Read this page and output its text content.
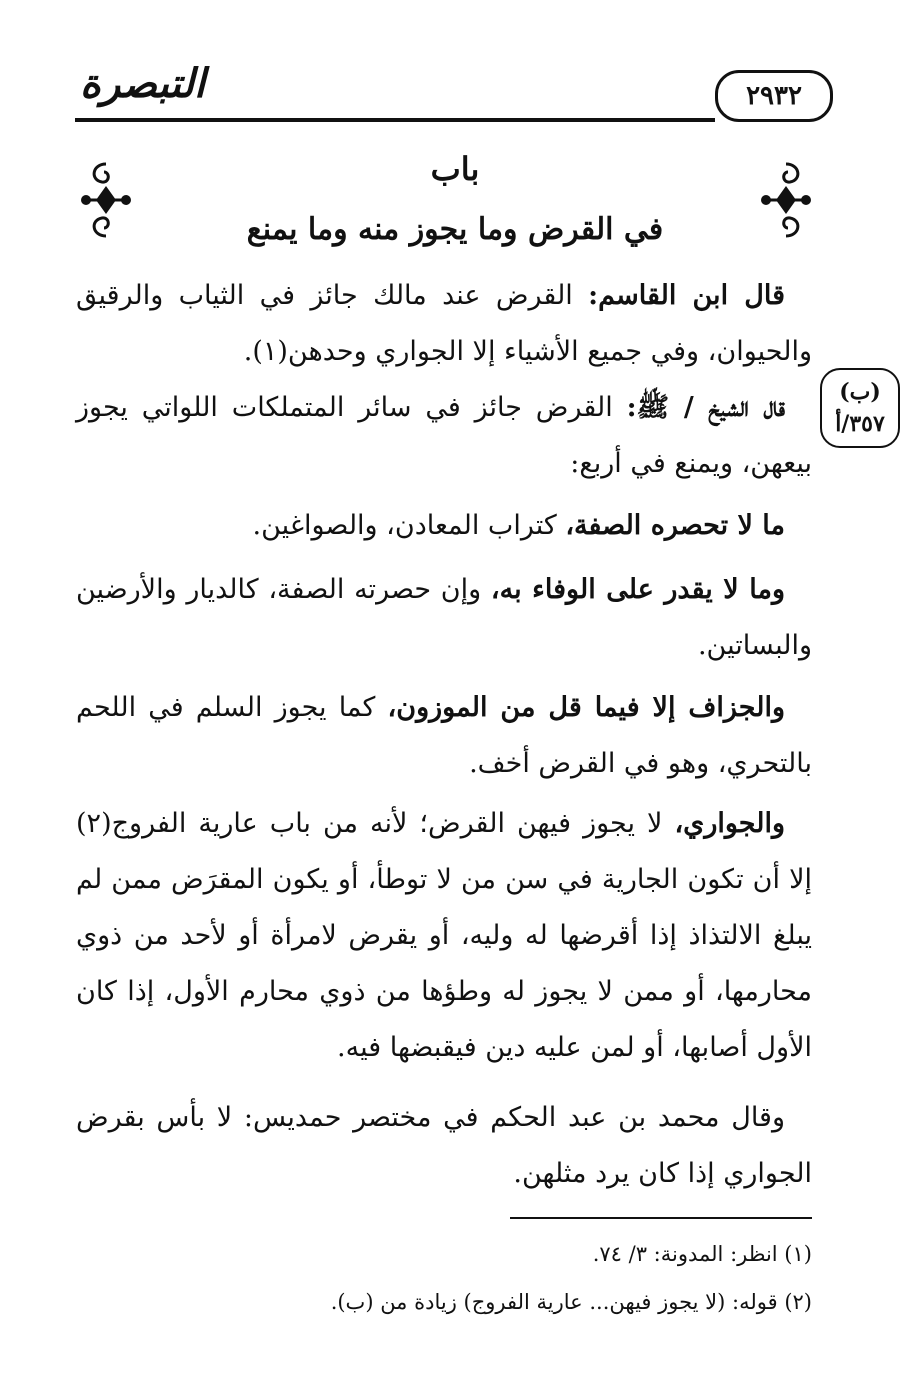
التبصرة	٢٩٣٢
باب
في القرض وما يجوز منه وما يمنع
(ب)
٣٥٧/أ
 قال ابن القاسم: القرض عند مالك جائز في الثياب والرقيق والحيوان، وفي جميع الأشياء إلا الجواري وحدهن(١).
 قال الشيخ / ﷺ: القرض جائز في سائر المتملكات اللواتي يجوز بيعهن، ويمنع في أربع:
 ما لا تحصره الصفة، كتراب المعادن، والصواغين.
 وما لا يقدر على الوفاء به، وإن حصرته الصفة، كالديار والأرضين والبساتين.
 والجزاف إلا فيما قل من الموزون، كما يجوز السلم في اللحم بالتحري، وهو في القرض أخف.
 والجواري، لا يجوز فيهن القرض؛ لأنه من باب عارية الفروج(٢) إلا أن تكون الجارية في سن من لا توطأ، أو يكون المقرَض ممن لم يبلغ الالتذاذ إذا أقرضها له وليه، أو يقرض لامرأة أو لأحد من ذوي محارمها، أو ممن لا يجوز له وطؤها من ذوي محارم الأول، إذا كان الأول أصابها، أو لمن عليه دين فيقبضها فيه.
 وقال محمد بن عبد الحكم في مختصر حمديس: لا بأس بقرض الجواري إذا كان يرد مثلهن.
(١) انظر: المدونة: ٣/ ٧٤.
(٢) قوله: (لا يجوز فيهن... عارية الفروج) زيادة من (ب).
